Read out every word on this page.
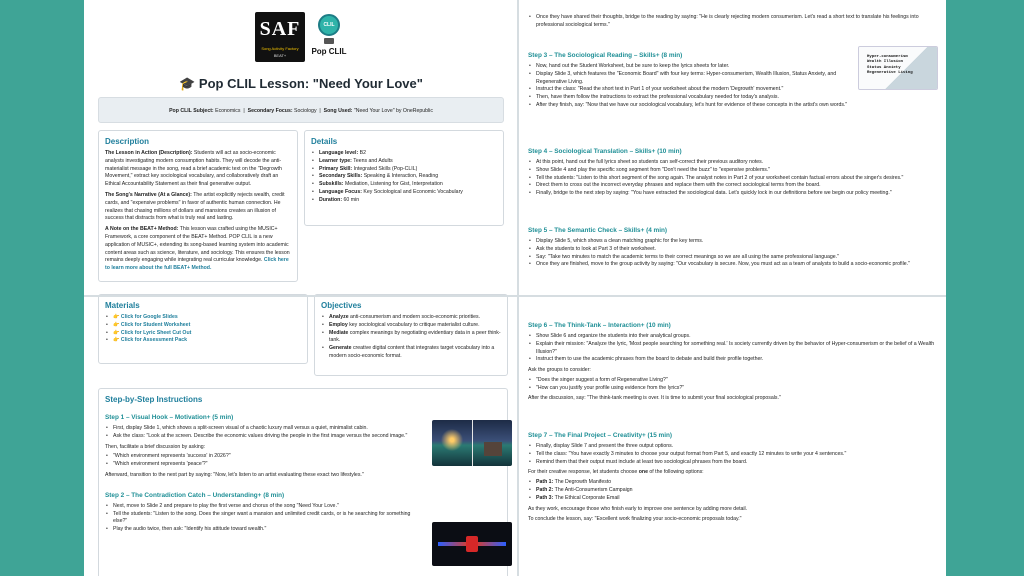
SAF
Song Activity Factory
BEAT+
CLIL
Pop CLIL
🎓 Pop CLIL Lesson: "Need Your Love"
Pop CLIL Subject: Economics  |  Secondary Focus: Sociology  |  Song Used: "Need Your Love" by OneRepublic
Description

The Lesson in Action (Description): Students will act as socio-economic analysts investigating modern consumption habits. They will decode the anti-materialist message in the song, read a brief academic text on the "Degrowth Movement," extract key sociological vocabulary, and collaboratively draft an Ethical Accountability Statement as their final generative output.

The Song's Narrative (At a Glance): The artist explicitly rejects wealth, credit cards, and "expensive problems" in favor of authentic human connection. He realizes that chasing millions of dollars and mansions creates an illusion of success that distracts from what is truly real and lasting.

A Note on the BEAT+ Method: This lesson was crafted using the MUSIC+ Framework, a core component of the BEAT+ Method. POP CLIL is a new application of MUSIC+, extending its song-based learning system into academic content areas such as science, literature, and sociology. This ensures the lesson remains deeply engaging while integrating real curricular knowledge. Click here to learn more about the full BEAT+ Method.

Details
• Language level: B2
• Learner type: Teens and Adults
• Primary Skill: Integrated Skills (Pop-CLIL)
• Secondary Skills: Speaking & Interaction, Reading
• Subskills: Mediation, Listening for Gist, Interpretation
• Language Focus: Key Sociological and Economic Vocabulary
• Duration: 60 min
• Once they have shared their thoughts, bridge to the reading by saying: "He is clearly rejecting modern consumerism. Let's read a short text to translate his feelings into professional sociological terms."
Step 3 – The Sociological Reading – Skills+ (8 min)
• Now, hand out the Student Worksheet, but be sure to keep the lyrics sheets for later.
• Display Slide 3, which features the "Economic Board" with four key terms: Hyper-consumerism, Wealth Illusion, Status Anxiety, and Regenerative Living.
• Instruct the class: "Read the short text in Part 1 of your worksheet about the modern 'Degrowth' movement."
• Then, have them follow the instructions to extract the professional vocabulary needed for today's analysis.
• After they finish, say: "Now that we have our sociological vocabulary, let's hunt for evidence of these concepts in the artist's own words."
Hyper-consumerism
Wealth Illusion
Status Anxiety
Regenerative Living
Step 4 – Sociological Translation – Skills+ (10 min)
• At this point, hand out the full lyrics sheet so students can self-correct their previous auditory notes.
• Show Slide 4 and play the specific song segment from "Don't need the buzz" to "expensive problems."
• Tell the students: "Listen to this short segment of the song again. The analyst notes in Part 2 of your worksheet contain factual errors about the singer's desires."
• Direct them to cross out the incorrect everyday phrases and replace them with the correct sociological terms from the board.
• Finally, bridge to the next step by saying: "You have extracted the sociological data. Let's quickly lock in our definitions before we begin our policy meeting."
Step 5 – The Semantic Check – Skills+ (4 min)
• Display Slide 5, which shows a clean matching graphic for the key terms.
• Ask the students to look at Part 3 of their worksheet.
• Say: "Take two minutes to match the academic terms to their correct meanings so we are all using the same professional language."
• Once they are finished, move to the group activity by saying: "Our vocabulary is secure. Now, you must act as a team of analysts to build a socio-economic profile."
Materials
• 👉 Click for Google Slides
• 👉 Click for Student Worksheet
• 👉 Click for Lyric Sheet Cut Out
• 👉 Click for Assessment Pack
Objectives
• Analyze anti-consumerism and modern socio-economic priorities.
• Employ key sociological vocabulary to critique materialist culture.
• Mediate complex meanings by negotiating evidentiary data in a peer think-tank.
• Generate creative digital content that integrates target vocabulary into a modern socio-economic format.
Step-by-Step Instructions
Step 1 – Visual Hook – Motivation+ (5 min)
• First, display Slide 1, which shows a split-screen visual of a chaotic luxury mall versus a quiet, minimalist cabin.
• Ask the class: "Look at the screen. Describe the economic values driving the people in the first image versus the second image."

Then, facilitate a brief discussion by asking:

• "Which environment represents 'success' in 2026?"
• "Which environment represents 'peace'?"

Afterward, transition to the next part by saying: "Now, let's listen to an artist evaluating these exact two lifestyles."

Step 2 – The Contradiction Catch – Understanding+ (8 min)
• Next, move to Slide 2 and prepare to play the first verse and chorus of the song "Need Your Love."
• Tell the students: "Listen to the song. Does the singer want a mansion and unlimited credit cards, or is he searching for something else?"
• Play the audio twice, then ask: "Identify his attitude toward wealth."
Step 6 – The Think-Tank – Interaction+ (10 min)
• Show Slide 6 and organize the students into their analytical groups.
• Explain their mission: "Analyze the lyric, 'Most people searching for something real.' Is society currently driven by the behavior of Hyper-consumerism or the belief of a Wealth Illusion?"
• Instruct them to use the academic phrases from the board to debate and build their profile together.

Ask the groups to consider:

• "Does the singer suggest a form of Regenerative Living?"
• "How can you justify your profile using evidence from the lyrics?"

After the discussion, say: "The think-tank meeting is over. It is time to submit your final sociological proposals."

Step 7 – The Final Project – Creativity+ (15 min)
• Finally, display Slide 7 and present the three output options.
• Tell the class: "You have exactly 3 minutes to choose your output format from Part 5, and exactly 12 minutes to write your 4 sentences."
• Remind them that their output must include at least two sociological phrases from the board.

For their creative response, let students choose one of the following options:

• Path 1: The Degrowth Manifesto
• Path 2: The Anti-Consumerism Campaign
• Path 3: The Ethical Corporate Email

As they work, encourage those who finish early to improve one sentence by adding more detail.

To conclude the lesson, say: "Excellent work finalizing your socio-economic proposals today."
